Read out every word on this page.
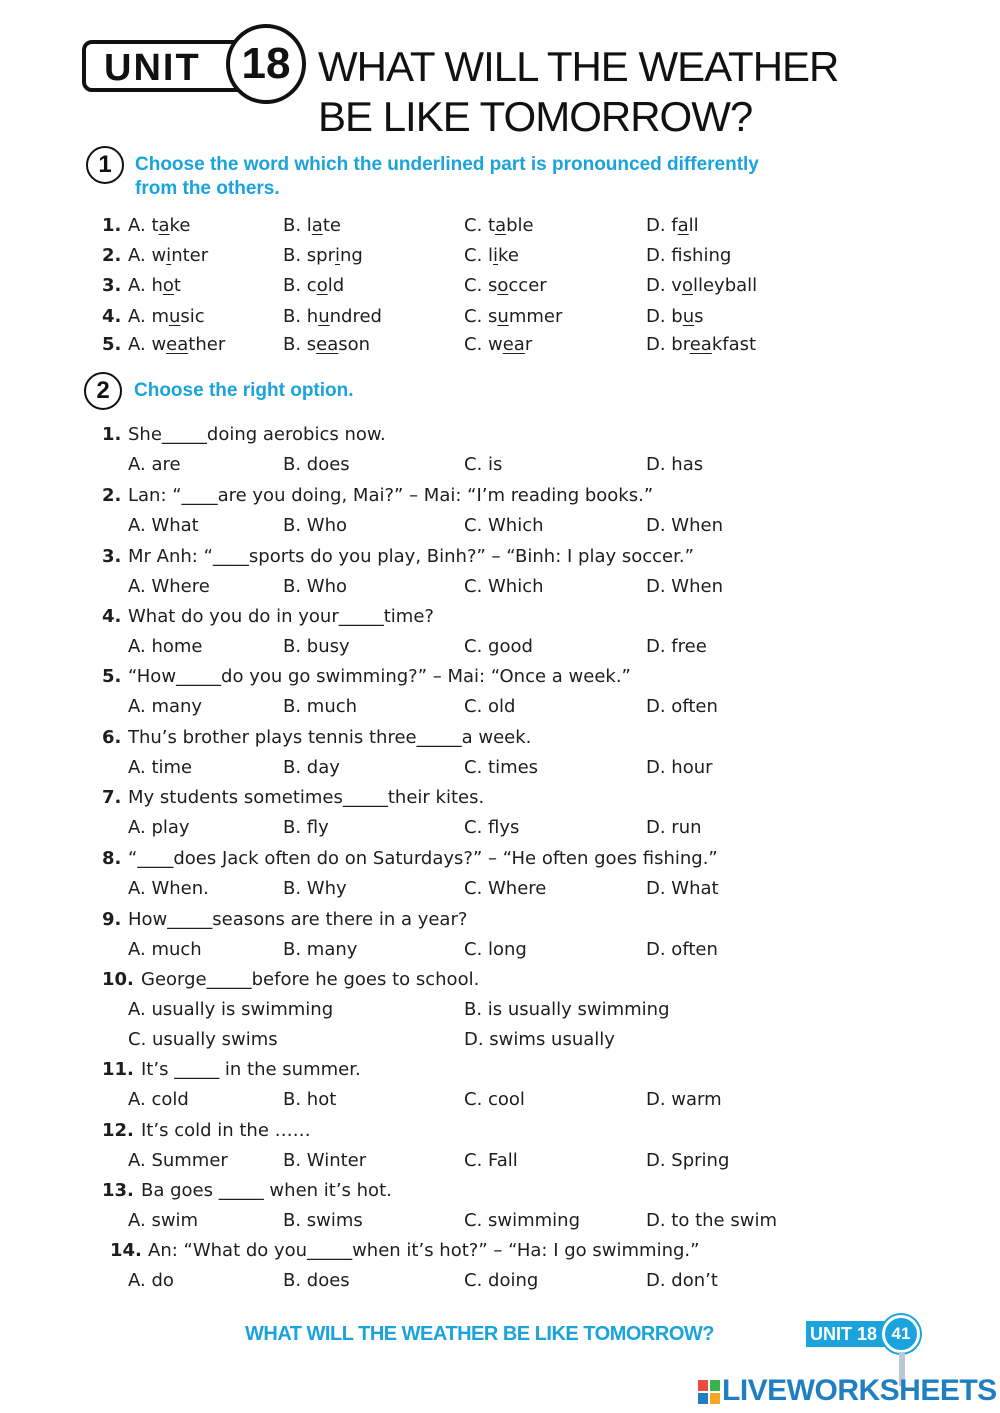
UNIT 18 WHAT WILL THE WEATHER
BE LIKE TOMORROW?
1	Choose the word which the underlined part is pronounced differently
from the others.
1. A. take	B. late	C. table	D. fall
2. A. winter	B. spring	C. like	D. fshing
3. A. hot	B. cold	C. soccer	D. volleyball
4. A. music	B. hundred	C. summer	D. bus
5. A. weather	B. season	C. wear	D. breakfast
2	Choose the right option.
1. She_____doing aerobics now.
A. are	B. does	C. is	D. has
2. Lan: “____are you doing, Mai?” – Mai: “I’m reading books.”
A. What	B. Who	C. Which	D. When
3. Mr Anh: “____sports do you play, Binh?” – “Binh: I play soccer.”
A. Where	B. Who	C. Which	D. When
4. What do you do in your_____time?
A. home	B. busy	C. good	D. free
5. “How_____do you go swimming?” – Mai: “Once a week.”
A. many	B. much	C. old	D. often
6. Thu’s brother plays tennis three_____a week.
A. time	B. day	C. times	D. hour
7. My students sometimes_____their kites.
A. play	B. fly	C. flys	D. run
8. “____does Jack often do on Saturdays?” – “He often goes fishing.”
A. When.	B. Why	C. Where	D. What
9. How_____seasons are there in a year?
A. much	B. many	C. long	D. often
10. George_____before he goes to school.
A. usually is swimming	B. is usually swimming
C. usually swims	D. swims usually
11. It’s _____ in the summer.
A. cold	B. hot	C. cool	D. warm
12. It’s cold in the ……
A. Summer	B. Winter	C. Fall	D. Spring
13. Ba goes _____ when it’s hot.
A. swim	B. swims	C. swimming	D. to the swim
14. An: “What do you_____when it’s hot?” – “Ha: I go swimming.”
A. do	B. does	C. doing	D. don’t
WHAT WILL THE WEATHER BE LIKE TOMORROW?	UNIT 18 41
LIVEWORKSHEETS
